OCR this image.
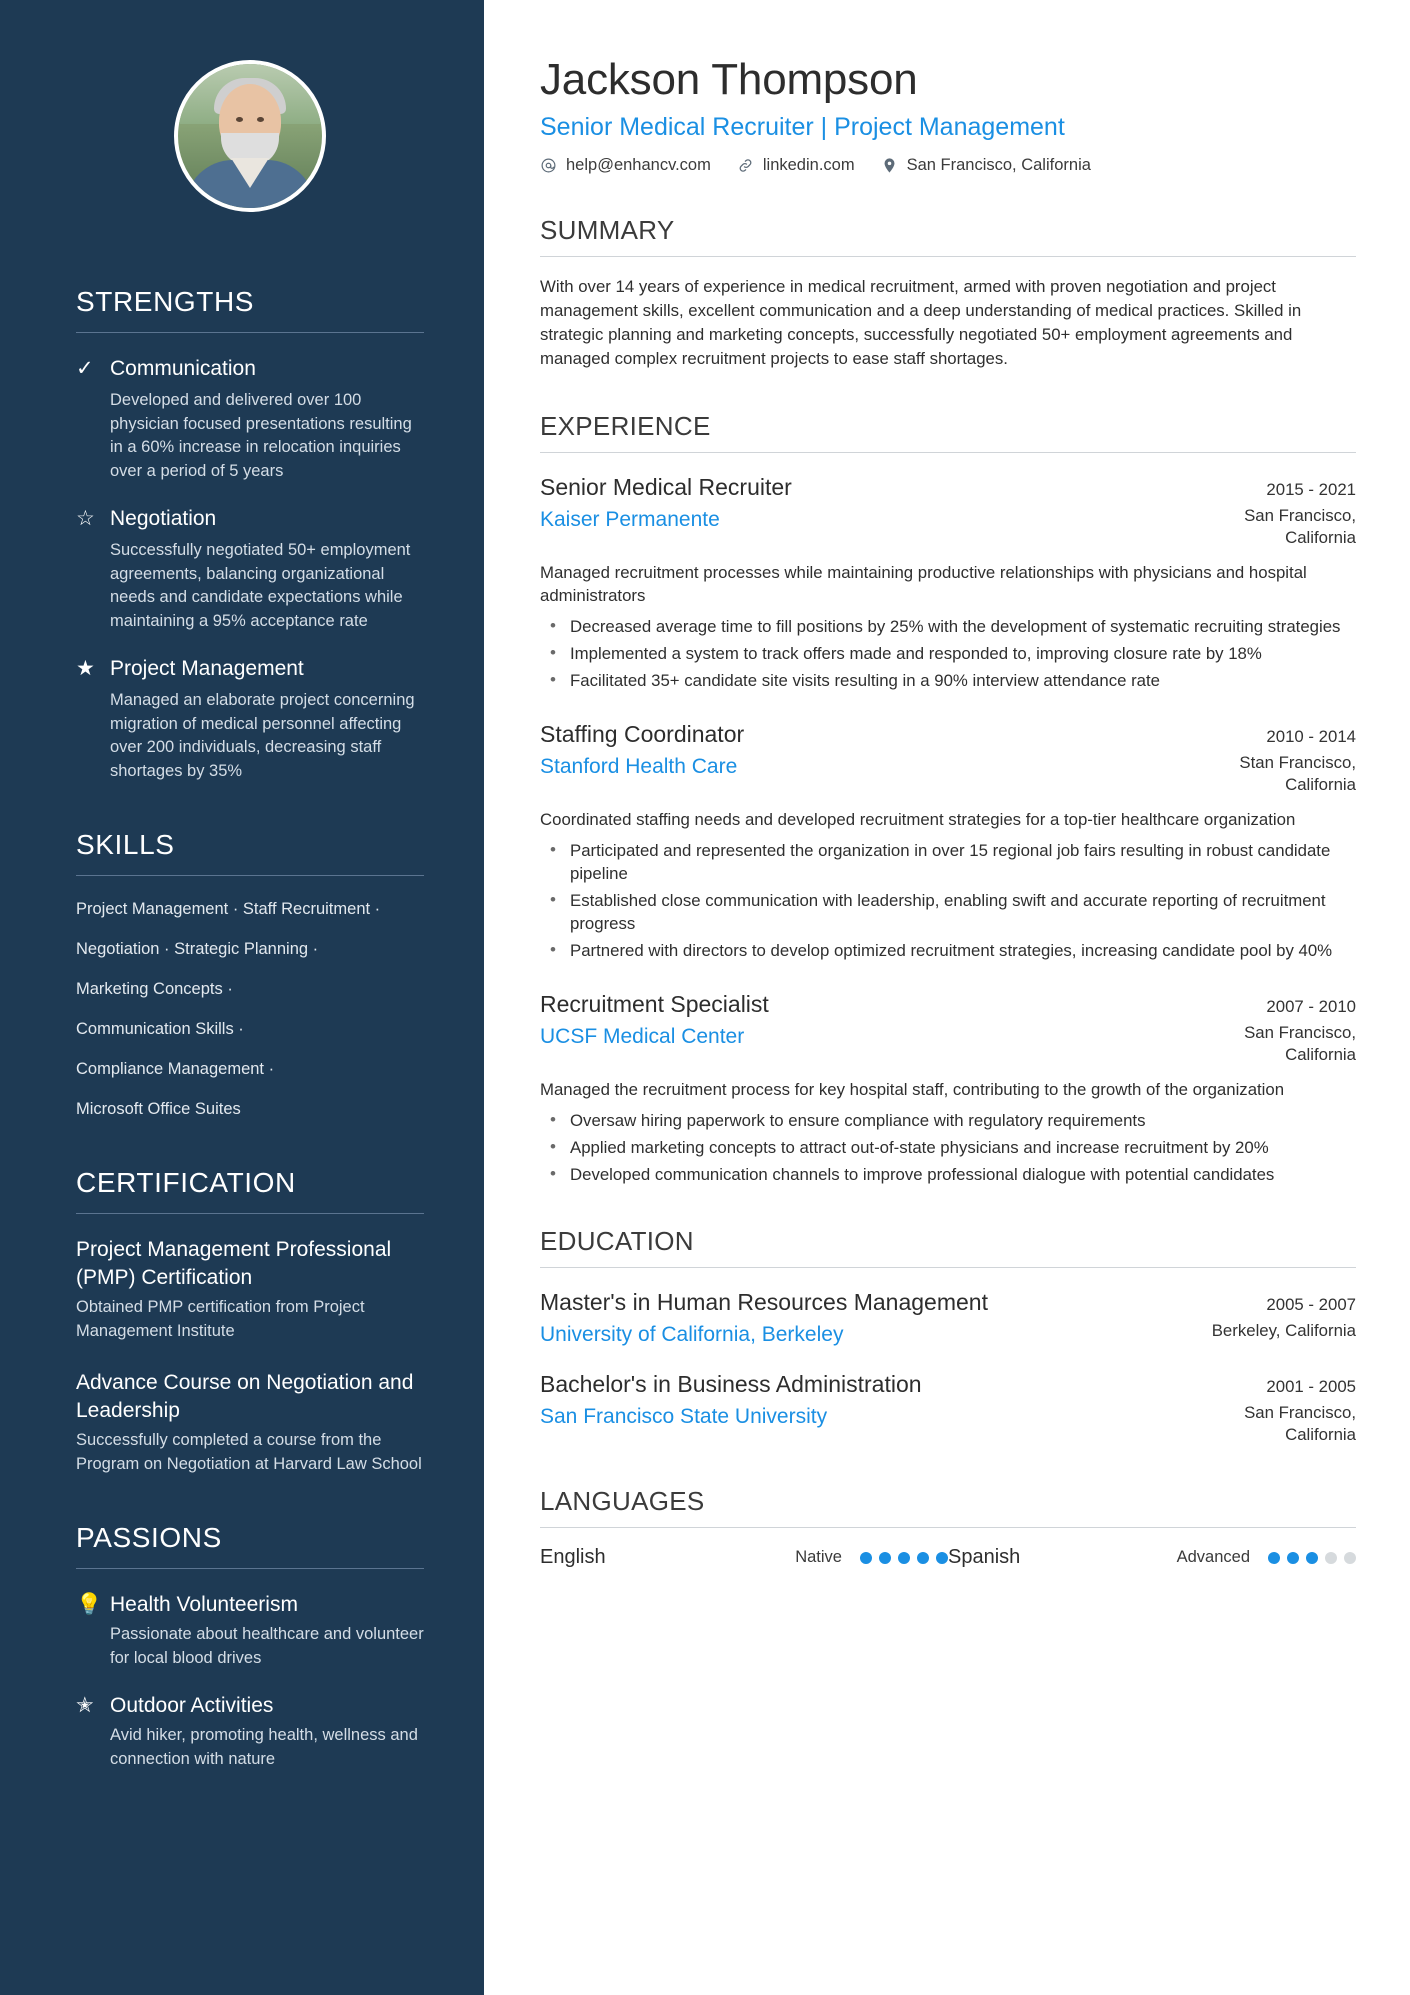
STRENGTHS
✓ Communication
Developed and delivered over 100 physician focused presentations resulting in a 60% increase in relocation inquiries over a period of 5 years
☆ Negotiation
Successfully negotiated 50+ employment agreements, balancing organizational needs and candidate expectations while maintaining a 95% acceptance rate
★ Project Management
Managed an elaborate project concerning migration of medical personnel affecting over 200 individuals, decreasing staff shortages by 35%
SKILLS
Project Management · Staff Recruitment ·
Negotiation · Strategic Planning ·
Marketing Concepts ·
Communication Skills ·
Compliance Management ·
Microsoft Office Suites
CERTIFICATION
Project Management Professional (PMP) Certification
Obtained PMP certification from Project Management Institute
Advance Course on Negotiation and Leadership
Successfully completed a course from the Program on Negotiation at Harvard Law School
PASSIONS
💡 Health Volunteerism
Passionate about healthcare and volunteer for local blood drives
✭ Outdoor Activities
Avid hiker, promoting health, wellness and connection with nature
Jackson Thompson
Senior Medical Recruiter | Project Management
help@enhancv.com	linkedin.com	San Francisco, California
SUMMARY

With over 14 years of experience in medical recruitment, armed with proven negotiation and project management skills, excellent communication and a deep understanding of medical practices. Skilled in strategic planning and marketing concepts, successfully negotiated 50+ employment agreements and managed complex recruitment projects to ease staff shortages.

EXPERIENCE
Senior Medical Recruiter	2015 - 2021
Kaiser Permanente	San Francisco, California
Managed recruitment processes while maintaining productive relationships with physicians and hospital administrators
• Decreased average time to fill positions by 25% with the development of systematic recruiting strategies
• Implemented a system to track offers made and responded to, improving closure rate by 18%
• Facilitated 35+ candidate site visits resulting in a 90% interview attendance rate
Staffing Coordinator	2010 - 2014
Stanford Health Care	Stan Francisco, California
Coordinated staffing needs and developed recruitment strategies for a top-tier healthcare organization
• Participated and represented the organization in over 15 regional job fairs resulting in robust candidate pipeline
• Established close communication with leadership, enabling swift and accurate reporting of recruitment progress
• Partnered with directors to develop optimized recruitment strategies, increasing candidate pool by 40%
Recruitment Specialist	2007 - 2010
UCSF Medical Center	San Francisco, California
Managed the recruitment process for key hospital staff, contributing to the growth of the organization
• Oversaw hiring paperwork to ensure compliance with regulatory requirements
• Applied marketing concepts to attract out-of-state physicians and increase recruitment by 20%
• Developed communication channels to improve professional dialogue with potential candidates
EDUCATION
Master's in Human Resources Management	2005 - 2007
University of California, Berkeley	Berkeley, California
Bachelor's in Business Administration	2001 - 2005
San Francisco State University	San Francisco, California
LANGUAGES
English	Native	Spanish	Advanced
